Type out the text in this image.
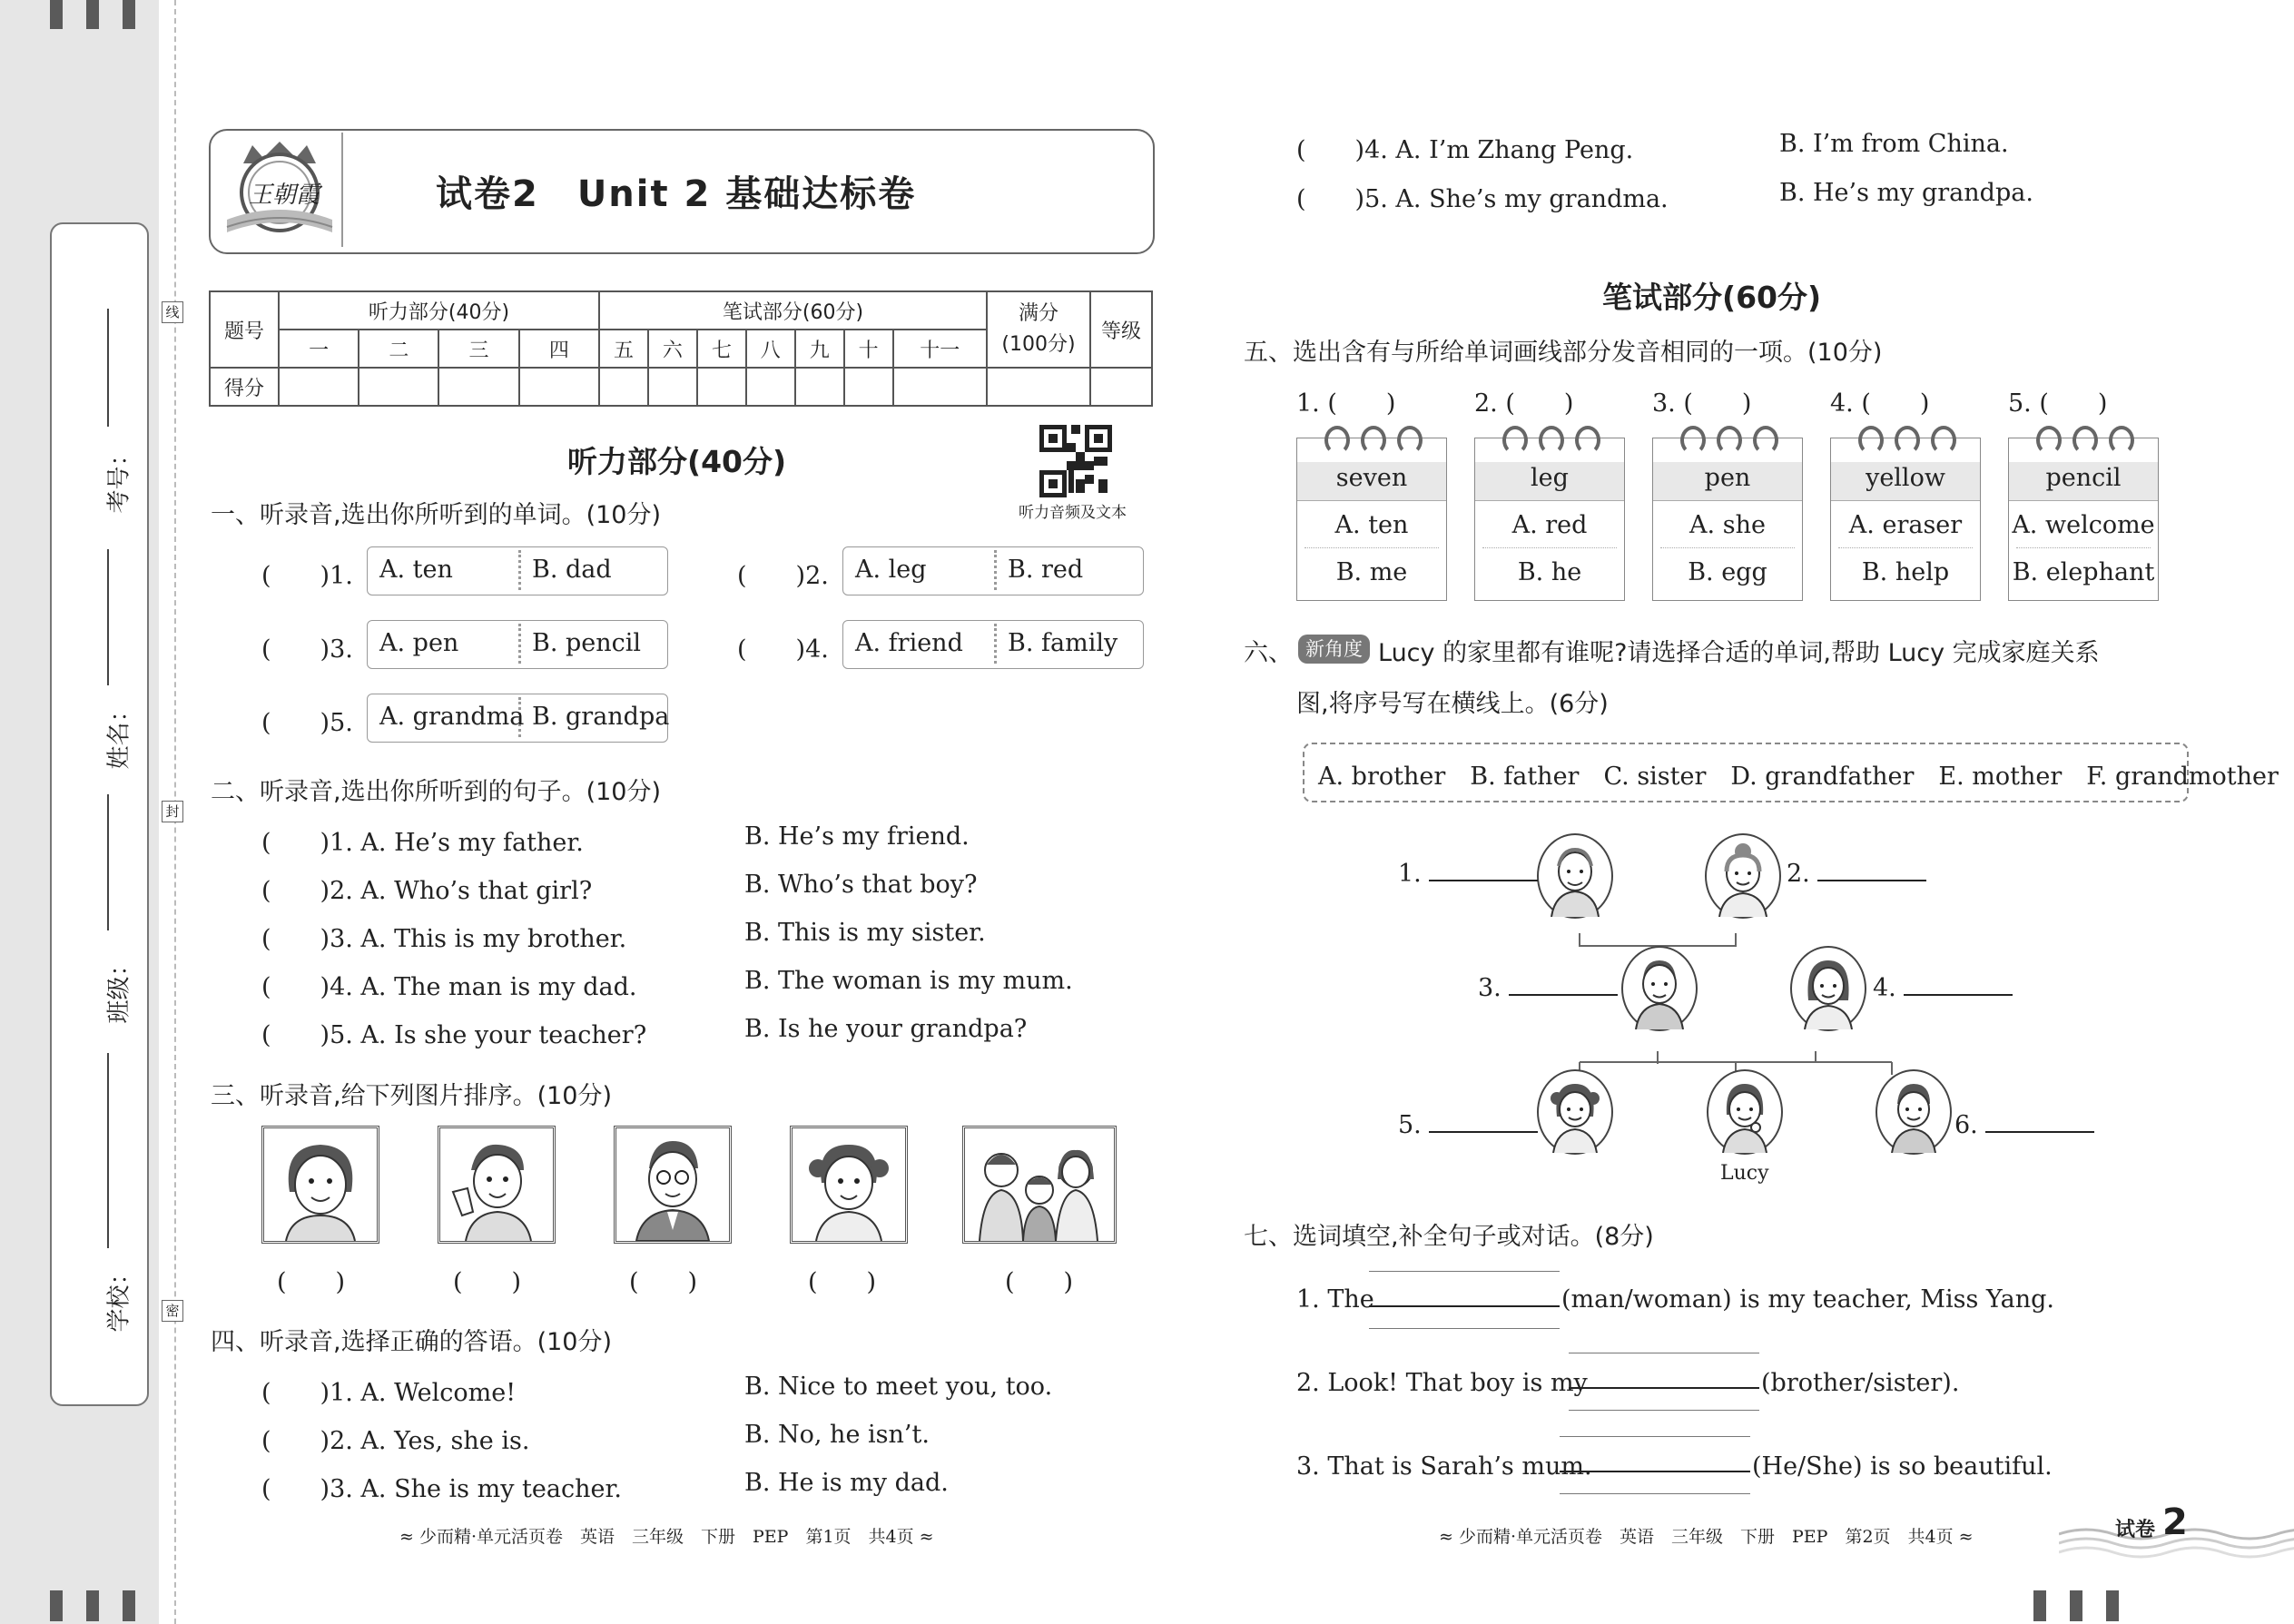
考号：
姓名：
班级：
学校：
线
封
密
王朝霞	试卷2　Unit 2 基础达标卷
题号	听力部分(40分)				笔试部分(60分)							满分
(100分)	等级
	一	二	三	四	五	六	七	八	九	十	十一		
得分													
听力部分(40分)
听力音频及文本
一、听录音,选出你所听到的单词。(10分)
(　　)1. A. ten	B. dad	(　　)2. A. leg	B. red
(　　)3. A. pen	B. pencil	(　　)4. A. friend B. family
(　　)5. A. grandma B. grandpa
二、听录音,选出你所听到的句子。(10分)
(　　)1. A. He’s my father.	B. He’s my friend.
(　　)2. A. Who’s that girl?	B. Who’s that boy?
(　　)3. A. This is my brother.	B. This is my sister.
(　　)4. A. The man is my dad.	B. The woman is my mum.
(　　)5. A. Is she your teacher?	B. Is he your grandpa?
三、听录音,给下列图片排序。(10分)
(　　)	(　　)	(　　)	(　　)	(　　)
四、听录音,选择正确的答语。(10分)
(　　)1. A. Welcome!	B. Nice to meet you, too.
(　　)2. A. Yes, she is.	B. No, he isn’t.
(　　)3. A. She is my teacher.	B. He is my dad.
≈ 少而精·单元活页卷　英语　三年级　下册　PEP　第1页　共4页 ≈
(　　)4. A. I’m Zhang Peng.	B. I’m from China.
(　　)5. A. She’s my grandma.	B. He’s my grandpa.
笔试部分(60分)
五、选出含有与所给单词画线部分发音相同的一项。(10分)
1. (　　)	2. (　　)	3. (　　)	4. (　　)	5. (　　)
seven
A. ten
B. me
leg
A. red
B. he
pen
A. she
B. egg
yellow
A. eraser
B. help
pencil
A. welcome
B. elephant
六、 新角度 Lucy 的家里都有谁呢?请选择合适的单词,帮助 Lucy 完成家庭关系
图,将序号写在横线上。(6分)
A. brother　B. father　C. sister　D. grandfather　E. mother　F. grandmother
1.	2.
3.	4.
5.	6.
Lucy
七、选词填空,补全句子或对话。(8分)
1. The	(man/woman) is my teacher, Miss Yang.
2. Look! That boy is my	(brother/sister).
3. That is Sarah’s mum.	(He/She) is so beautiful.
≈ 少而精·单元活页卷　英语　三年级　下册　PEP　第2页　共4页 ≈	试卷 2
